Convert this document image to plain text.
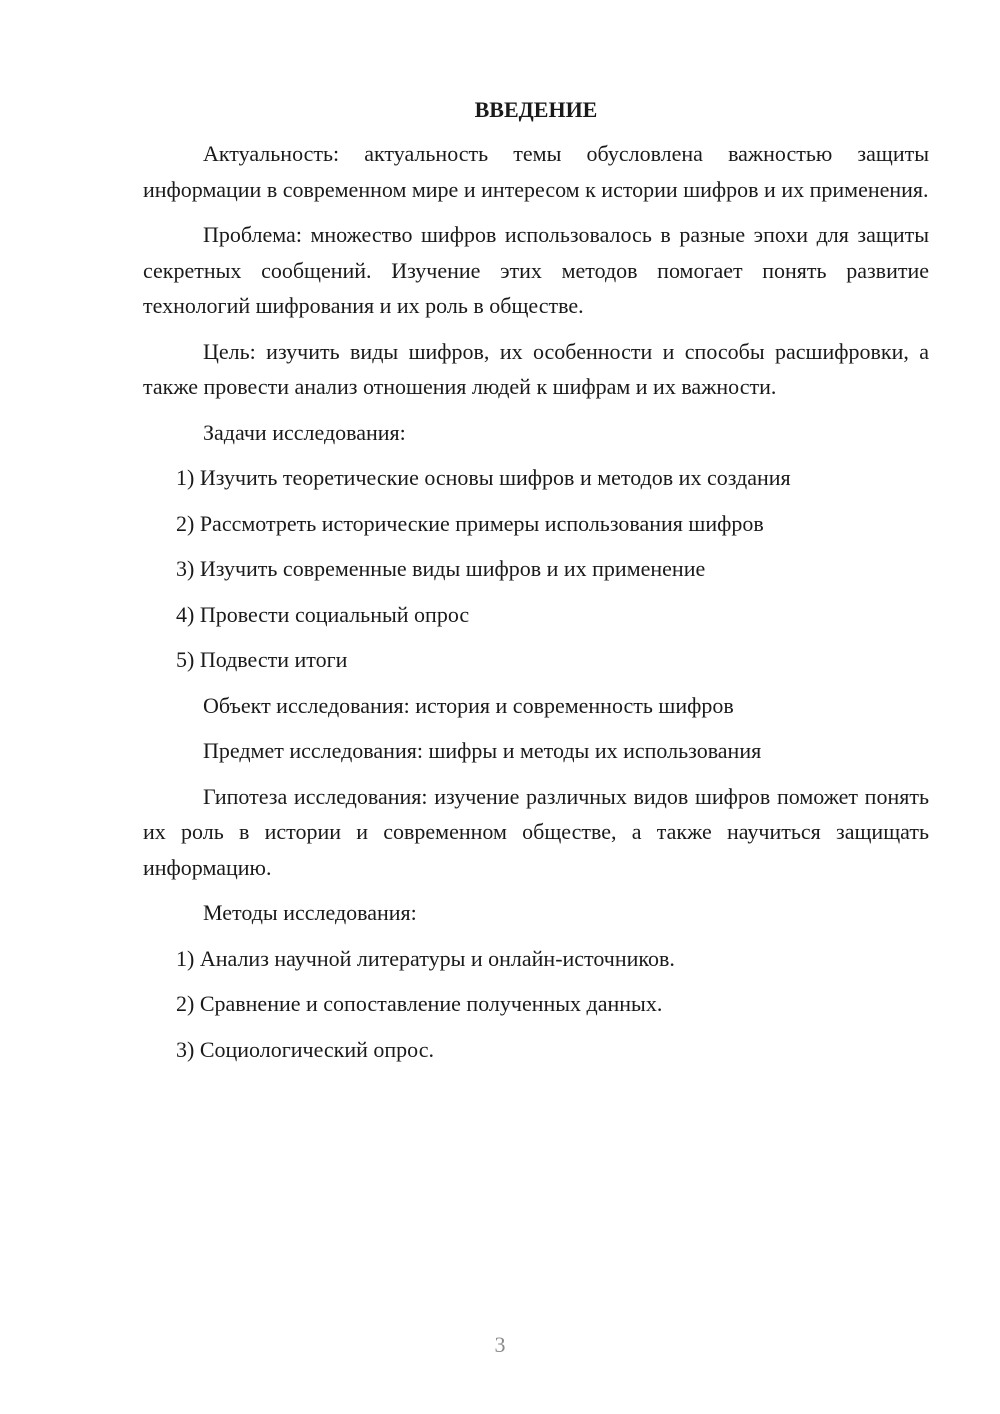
ВВЕДЕНИЕ

Актуальность: актуальность темы обусловлена важностью защиты информации в современном мире и интересом к истории шифров и их применения.

Проблема: множество шифров использовалось в разные эпохи для защиты секретных сообщений. Изучение этих методов помогает понять развитие технологий шифрования и их роль в обществе.

Цель: изучить виды шифров, их особенности и способы расшифровки, а также провести анализ отношения людей к шифрам и их важности.

Задачи исследования:
1) Изучить теоретические основы шифров и методов их создания
2) Рассмотреть исторические примеры использования шифров
3) Изучить современные виды шифров и их применение
4) Провести социальный опрос
5) Подвести итоги
Объект исследования: история и современность шифров
Предмет исследования: шифры и методы их использования

Гипотеза исследования: изучение различных видов шифров поможет понять их роль в истории и современном обществе, а также научиться защищать информацию.

Методы исследования:
1) Анализ научной литературы и онлайн-источников.
2) Сравнение и сопоставление полученных данных.
3) Социологический опрос.
3
